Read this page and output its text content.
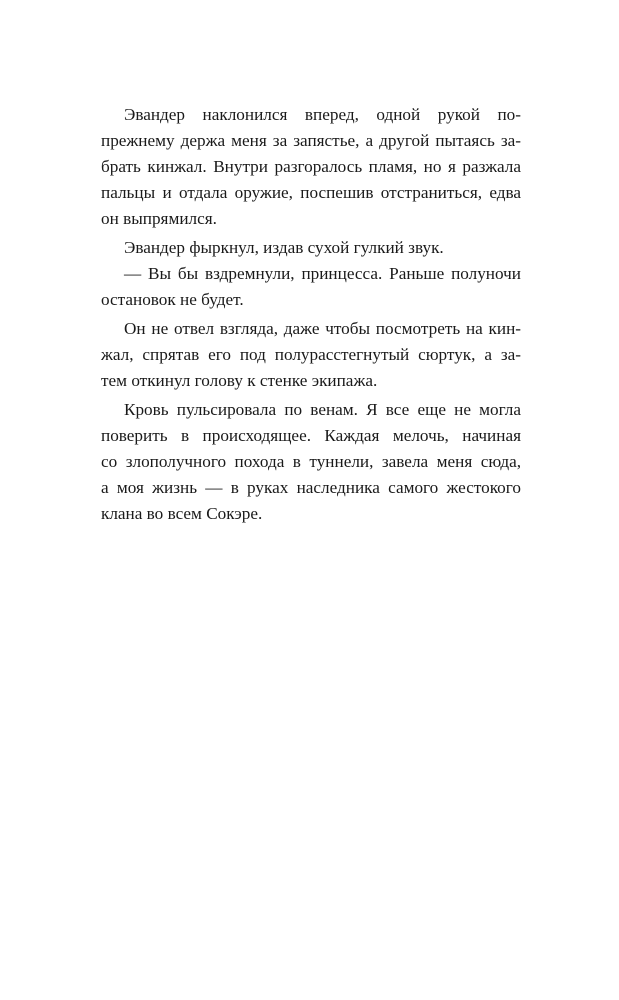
Эвандер наклонился вперед, одной рукой по-
прежнему держа меня за запястье, а другой пытаясь за-
брать кинжал. Внутри разгоралось пламя, но я разжала
пальцы и отдала оружие, поспешив отстраниться, едва
он выпрямился.
Эвандер фыркнул, издав сухой гулкий звук.
— Вы бы вздремнули, принцесса. Раньше полуночи
остановок не будет.
Он не отвел взгляда, даже чтобы посмотреть на кин-
жал, спрятав его под полурасстегнутый сюртук, а за-
тем откинул голову к стенке экипажа.
Кровь пульсировала по венам. Я все еще не могла
поверить в происходящее. Каждая мелочь, начиная
со злополучного похода в туннели, завела меня сюда,
а моя жизнь — в руках наследника самого жестокого
клана во всем Сокэре.
